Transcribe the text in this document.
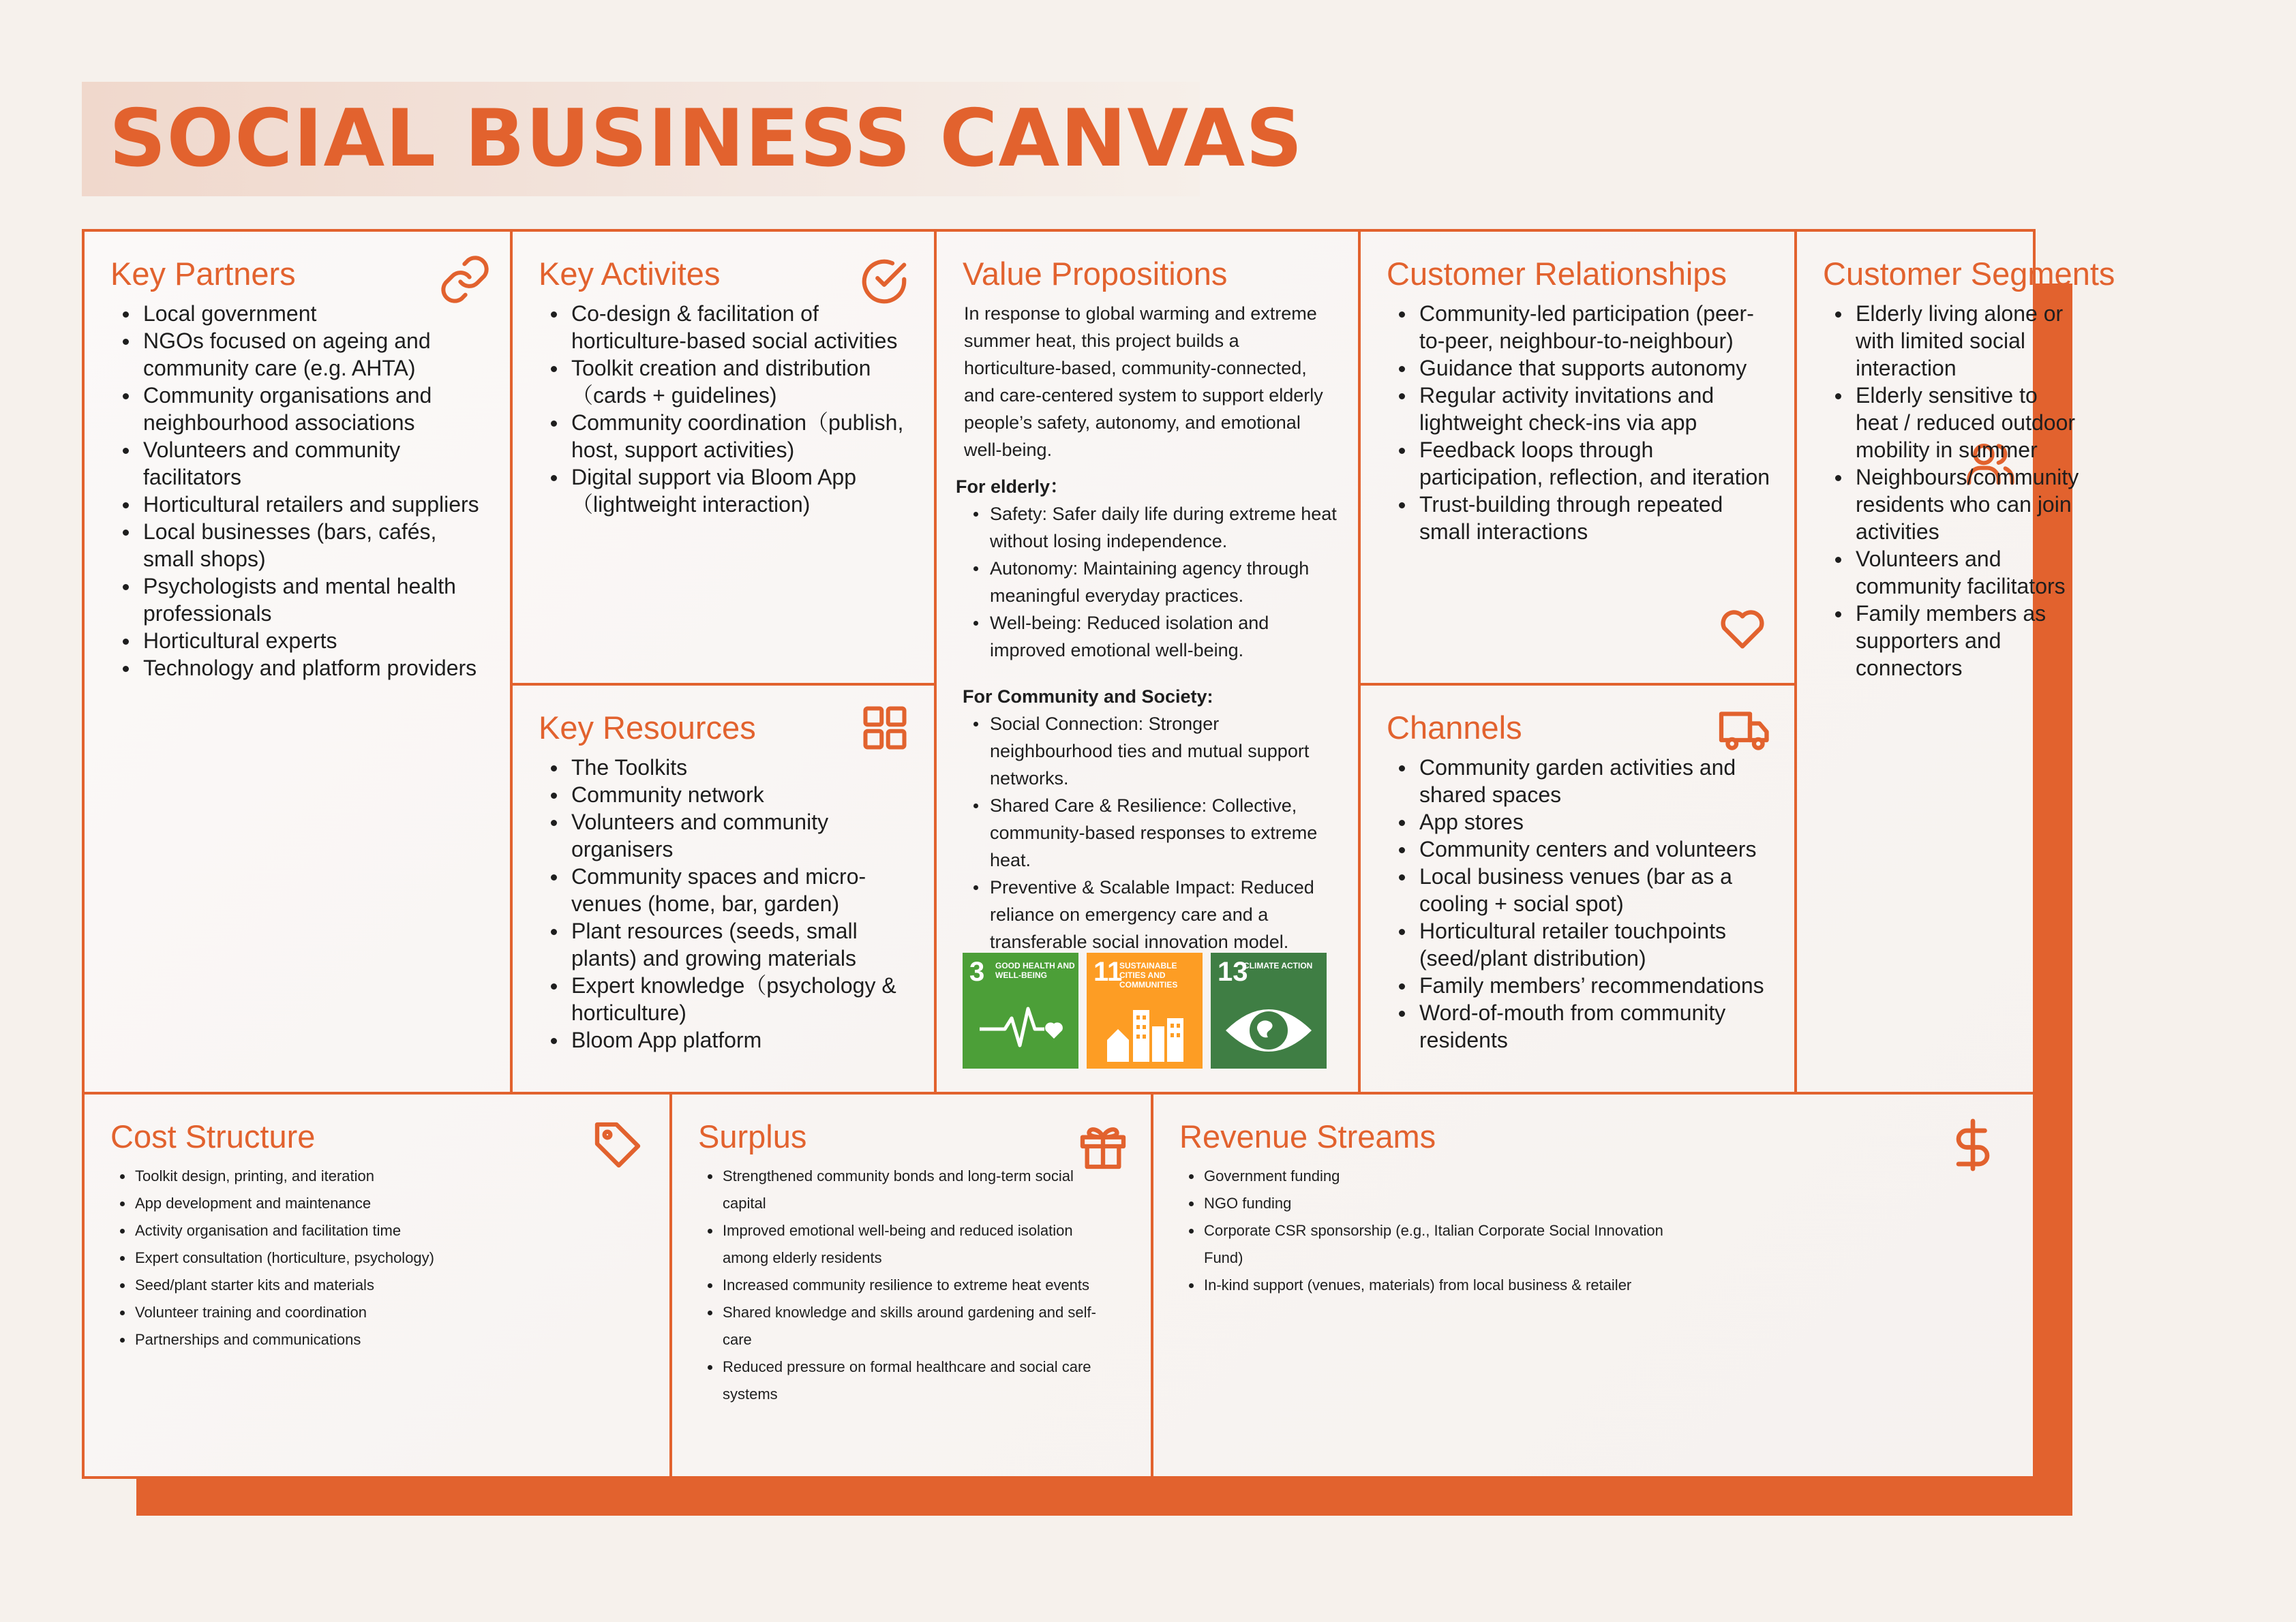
SOCIAL BUSINESS CANVAS
Key Partners
Local government
NGOs focused on ageing and community care (e.g. AHTA)
Community organisations and neighbourhood associations
Volunteers and community facilitators
Horticultural retailers and suppliers
Local businesses (bars, cafés, small shops)
Psychologists and mental health professionals
Horticultural experts
Technology and platform providers
Key Activites
Co-design & facilitation of horticulture-based social activities
Toolkit creation and distribution（cards + guidelines)
Community coordination（publish, host, support activities)
Digital support via Bloom App（lightweight interaction)
Key Resources
The Toolkits
Community network
Volunteers and community organisers
Community spaces and micro-venues (home, bar, garden)
Plant resources (seeds, small plants) and growing materials
Expert knowledge（psychology & horticulture)
Bloom App platform
Value Propositions

In response to global warming and extreme summer heat, this project builds a horticulture-based, community-connected, and care-centered system to support elderly people’s safety, autonomy, and emotional well-being.

For elderly：

Safety: Safer daily life during extreme heat without losing independence.
Autonomy: Maintaining agency through meaningful everyday practices.
Well-being: Reduced isolation and improved emotional well-being.

For Community and Society:

Social Connection: Stronger neighbourhood ties and mutual support networks.
Shared Care & Resilience: Collective, community-based responses to extreme heat.
Preventive & Scalable Impact: Reduced reliance on emergency care and a transferable social innovation model.
3 GOOD HEALTH AND WELL-BEING	11
SUSTAINABLE CITIES AND COMMUNITIES	13
CLIMATE ACTION
Customer Relationships
Community-led participation (peer-to-peer, neighbour-to-neighbour)
Guidance that supports autonomy
Regular activity invitations and lightweight check-ins via app
Feedback loops through participation, reflection, and iteration
Trust-building through repeated small interactions
Channels
Community garden activities and shared spaces
App stores
Community centers and volunteers
Local business venues (bar as a cooling + social spot)
Horticultural retailer touchpoints (seed/plant distribution)
Family members’ recommendations
Word-of-mouth from community residents
Customer Segments
Elderly living alone or with limited social interaction
Elderly sensitive to heat / reduced outdoor mobility in summer
Neighbours/community residents who can join activities
Volunteers and community facilitators
Family members as supporters and connectors
Cost Structure
Toolkit design, printing, and iteration
App development and maintenance
Activity organisation and facilitation time
Expert consultation (horticulture, psychology)
Seed/plant starter kits and materials
Volunteer training and coordination
Partnerships and communications
Surplus
Strengthened community bonds and long-term social capital
Improved emotional well-being and reduced isolation among elderly residents
Increased community resilience to extreme heat events
Shared knowledge and skills around gardening and self-care
Reduced pressure on formal healthcare and social care systems
Revenue Streams
Government funding
NGO funding
Corporate CSR sponsorship (e.g., Italian Corporate Social Innovation Fund)
In-kind support (venues, materials) from local business & retailer
